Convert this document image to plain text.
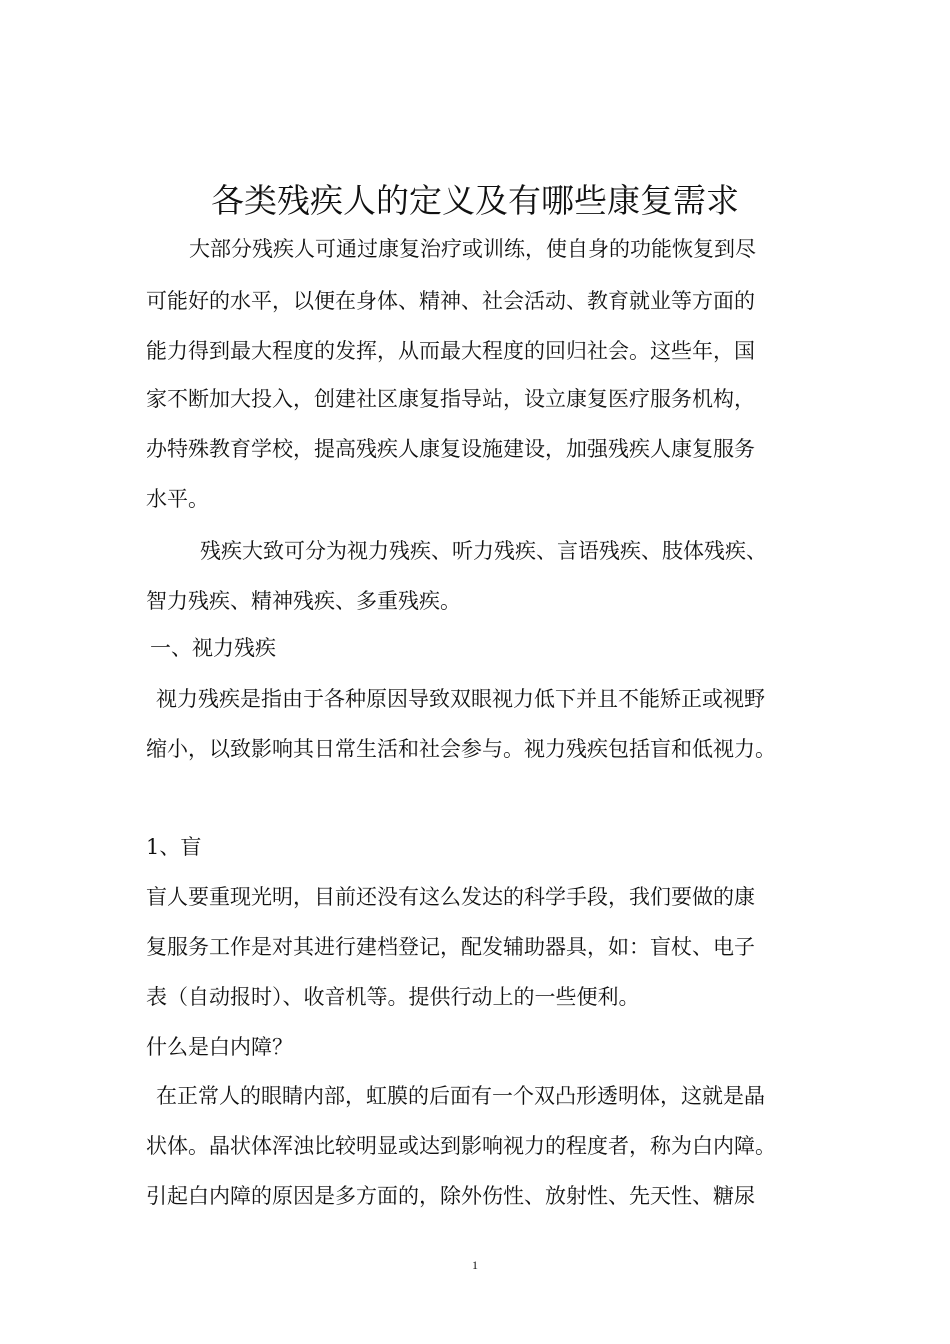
各类残疾人的定义及有哪些康复需求
大部分残疾人可通过康复治疗或训练，使自身的功能恢复到尽
可能好的水平，以便在身体、精神、社会活动、教育就业等方面的
能力得到最大程度的发挥，从而最大程度的回归社会。这些年，国
家不断加大投入，创建社区康复指导站，设立康复医疗服务机构，
办特殊教育学校，提高残疾人康复设施建设，加强残疾人康复服务
水平。
残疾大致可分为视力残疾、听力残疾、言语残疾、肢体残疾、
智力残疾、精神残疾、多重残疾。
一、视力残疾
视力残疾是指由于各种原因导致双眼视力低下并且不能矫正或视野
缩小，以致影响其日常生活和社会参与。视力残疾包括盲和低视力。
1、盲
盲人要重现光明，目前还没有这么发达的科学手段，我们要做的康
复服务工作是对其进行建档登记，配发辅助器具，如：盲杖、电子
表（自动报时）、收音机等。提供行动上的一些便利。
什么是白内障？
在正常人的眼睛内部，虹膜的后面有一个双凸形透明体，这就是晶
状体。晶状体浑浊比较明显或达到影响视力的程度者，称为白内障。
引起白内障的原因是多方面的，除外伤性、放射性、先天性、糖尿
1
